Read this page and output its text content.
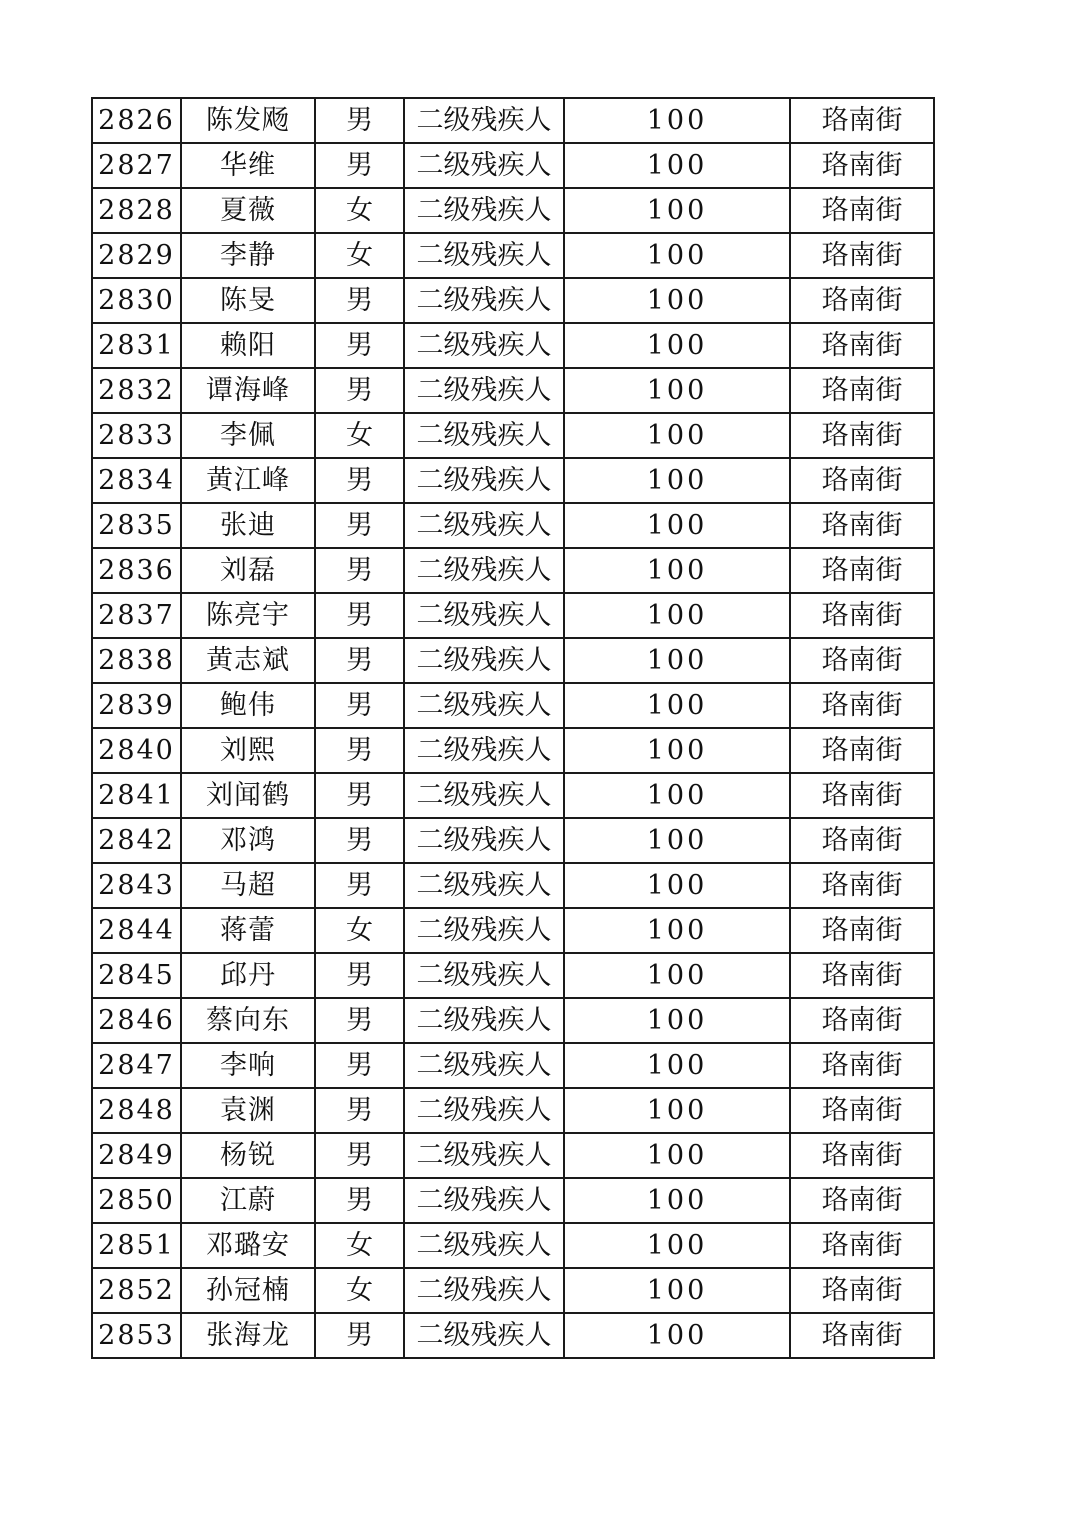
2826	陈发飏	男	二级残疾人	100	珞南街
2827	华维	男	二级残疾人	100	珞南街
2828	夏薇	女	二级残疾人	100	珞南街
2829	李静	女	二级残疾人	100	珞南街
2830	陈旻	男	二级残疾人	100	珞南街
2831	赖阳	男	二级残疾人	100	珞南街
2832	谭海峰	男	二级残疾人	100	珞南街
2833	李佩	女	二级残疾人	100	珞南街
2834	黄江峰	男	二级残疾人	100	珞南街
2835	张迪	男	二级残疾人	100	珞南街
2836	刘磊	男	二级残疾人	100	珞南街
2837	陈亮宇	男	二级残疾人	100	珞南街
2838	黄志斌	男	二级残疾人	100	珞南街
2839	鲍伟	男	二级残疾人	100	珞南街
2840	刘熙	男	二级残疾人	100	珞南街
2841	刘闻鹤	男	二级残疾人	100	珞南街
2842	邓鸿	男	二级残疾人	100	珞南街
2843	马超	男	二级残疾人	100	珞南街
2844	蒋蕾	女	二级残疾人	100	珞南街
2845	邱丹	男	二级残疾人	100	珞南街
2846	蔡向东	男	二级残疾人	100	珞南街
2847	李响	男	二级残疾人	100	珞南街
2848	袁渊	男	二级残疾人	100	珞南街
2849	杨锐	男	二级残疾人	100	珞南街
2850	江蔚	男	二级残疾人	100	珞南街
2851	邓璐安	女	二级残疾人	100	珞南街
2852	孙冠楠	女	二级残疾人	100	珞南街
2853	张海龙	男	二级残疾人	100	珞南街
